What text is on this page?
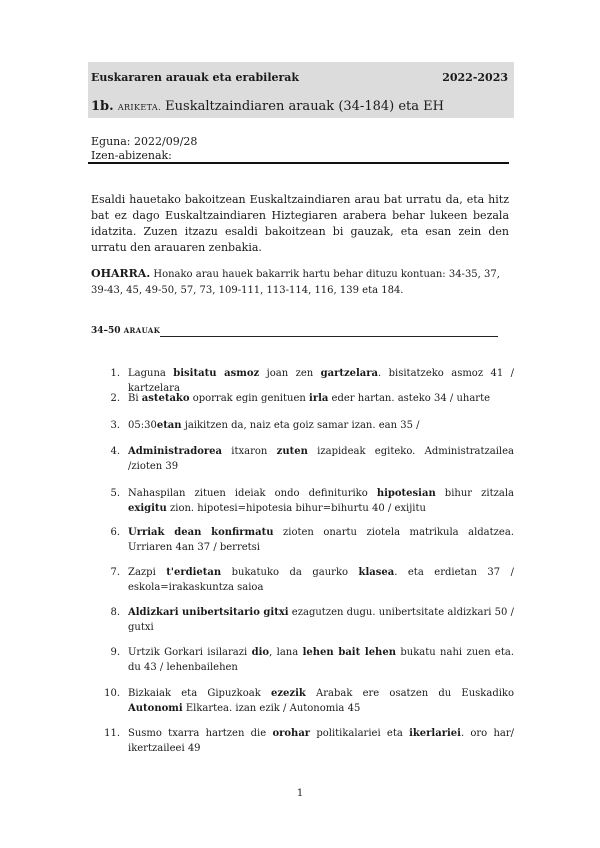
Euskararen arauak eta erabilerak	2022-2023
1b. ARIKETA. Euskaltzaindiaren arauak (34-184) eta EH
Eguna: 2022/09/28
Izen-abizenak:

Esaldi hauetako bakoitzean Euskaltzaindiaren arau bat urratu da, eta hitz bat ez dago Euskaltzaindiaren Hiztegiaren arabera behar lukeen bezala idatzita. Zuzen itzazu esaldi bakoitzean bi gauzak, eta esan zein den urratu den arauaren zenbakia.

OHARRA. Honako arau hauek bakarrik hartu behar dituzu kontuan: 34-35, 37, 39-43, 45, 49-50, 57, 73, 109-111, 113-114, 116, 139 eta 184.

34–50 ARAUAK
1. Laguna bisitatu asmoz joan zen gartzelara. bisitatzeko asmoz 41 / kartzelara
2. Bi astetako oporrak egin genituen irla eder hartan. asteko 34 / uharte
3. 05:30etan jaikitzen da, naiz eta goiz samar izan. ean 35 /
4. Administradorea itxaron zuten izapideak egiteko. Administratzailea /zioten 39
5. Nahaspilan zituen ideiak ondo definituriko hipotesian bihur zitzala exigitu zion. hipotesi=hipotesia bihur=bihurtu 40 / exijitu
6. Urriak dean konfirmatu zioten onartu ziotela matrikula aldatzea. Urriaren 4an 37 / berretsi
7. Zazpi t'erdietan bukatuko da gaurko klasea. eta erdietan 37 / eskola=irakaskuntza saioa
8. Aldizkari unibertsitario gitxi ezagutzen dugu. unibertsitate aldizkari 50 / gutxi
9. Urtzik Gorkari isilarazi dio, lana lehen bait lehen bukatu nahi zuen eta. du 43 / lehenbailehen
10. Bizkaiak eta Gipuzkoak ezezik Arabak ere osatzen du Euskadiko Autonomi Elkartea. izan ezik / Autonomia 45
11. Susmo txarra hartzen die orohar politikalariei eta ikerlariei. oro har/ ikertzaileei 49
1
